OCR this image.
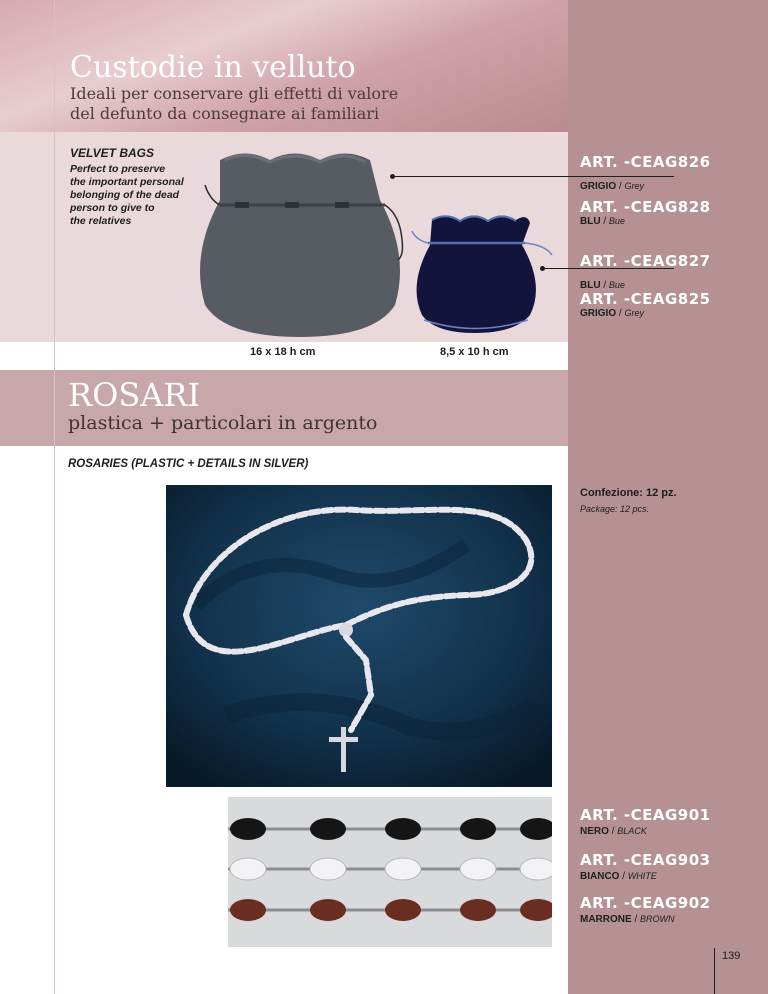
Custodie in velluto
Ideali per conservare gli effetti di valore
del defunto da consegnare ai familiari
VELVET BAGS
Perfect to preserve
the important personal
belonging of the dead
person to give to
the relatives
ART. -CEAG826
GRIGIO / Grey
ART. -CEAG828
BLU / Bue
ART. -CEAG827
BLU / Bue
ART. -CEAG825
GRIGIO / Grey
16 x 18 h cm	8,5 x 10 h cm
ROSARI
plastica + particolari in argento
ROSARIES (PLASTIC + DETAILS IN SILVER)
Confezione: 12 pz.
Package: 12 pcs.
ART. -CEAG901
NERO / BLACK
ART. -CEAG903
BIANCO / WHITE
ART. -CEAG902
MARRONE / BROWN
139
